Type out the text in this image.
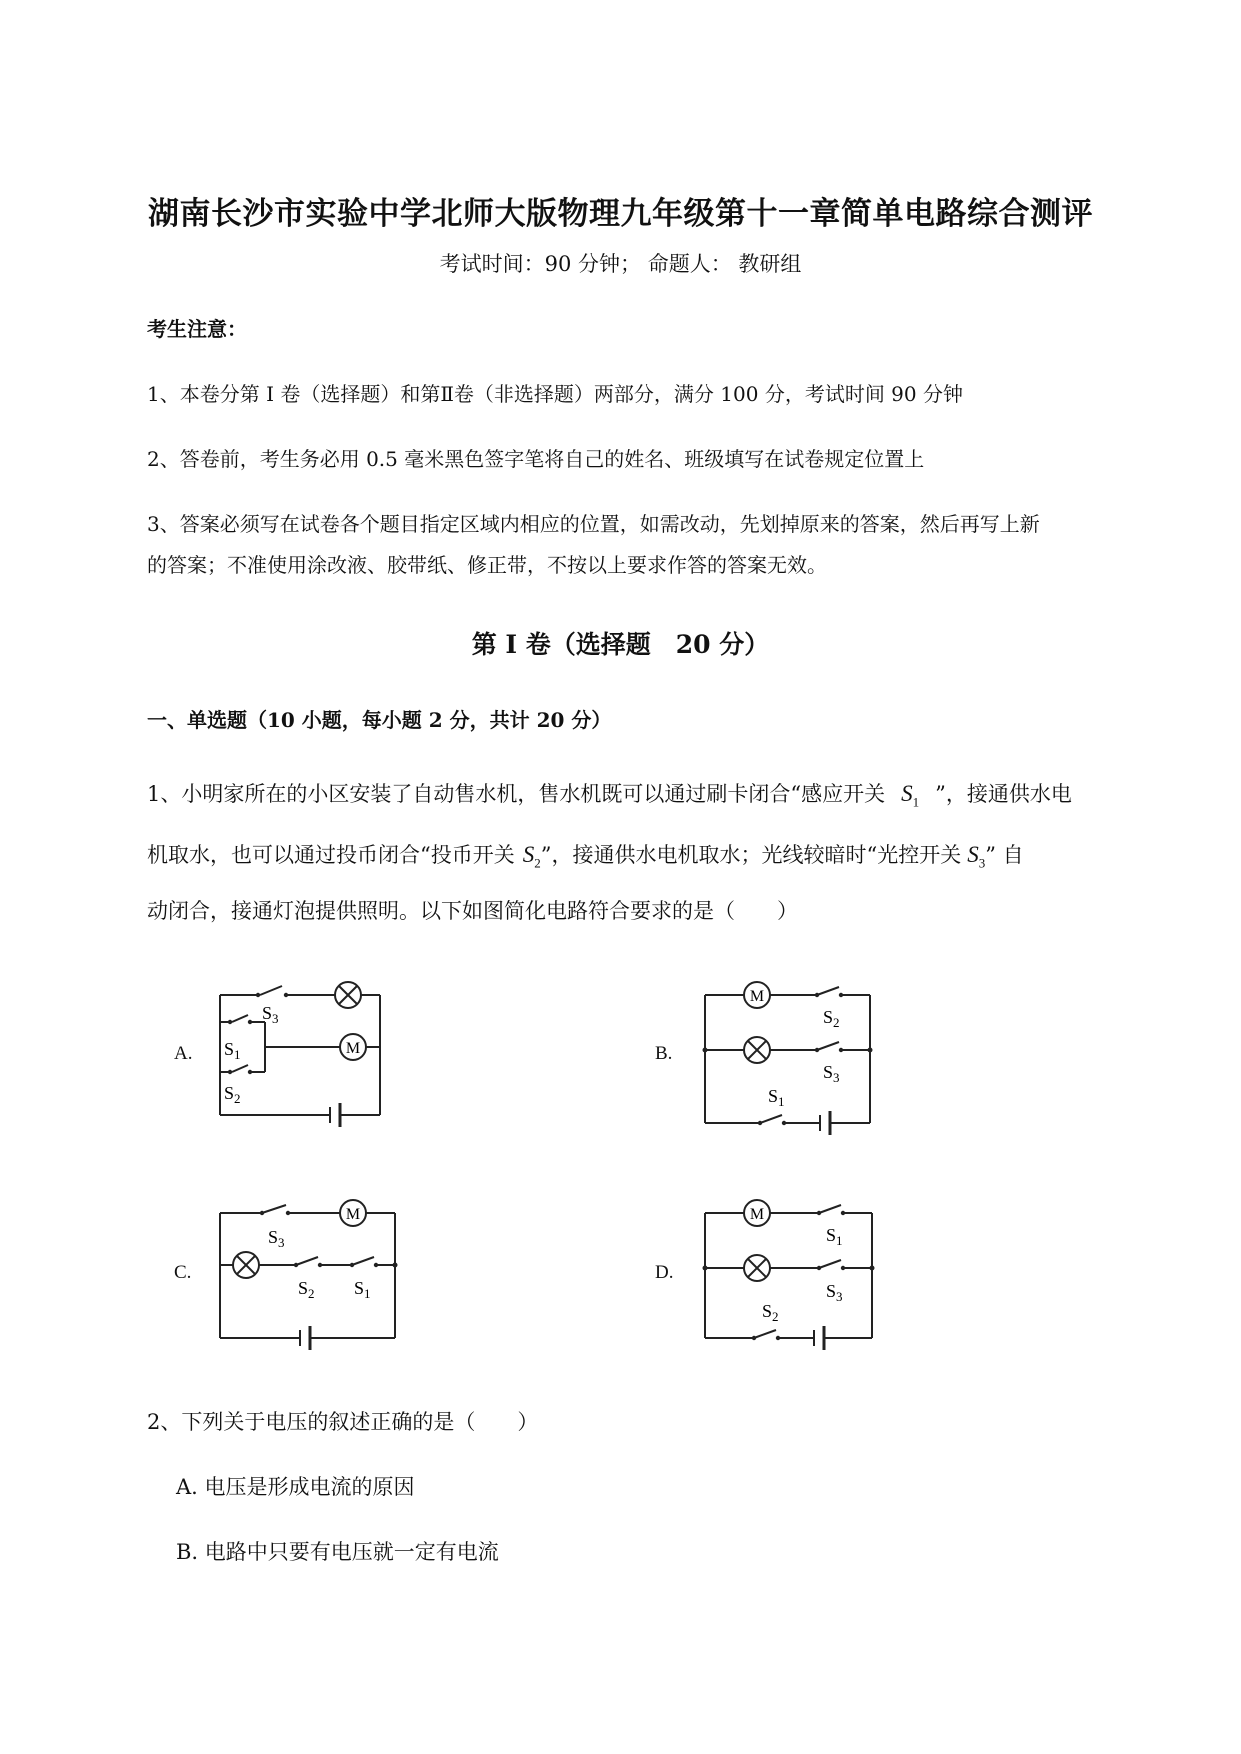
湖南长沙市实验中学北师大版物理九年级第十一章简单电路综合测评
考试时间：90 分钟； 命题人： 教研组
考生注意：
1、本卷分第 I 卷（选择题）和第Ⅱ卷（非选择题）两部分，满分 100 分，考试时间 90 分钟
2、答卷前，考生务必用 0.5 毫米黑色签字笔将自己的姓名、班级填写在试卷规定位置上
3、答案必须写在试卷各个题目指定区域内相应的位置，如需改动，先划掉原来的答案，然后再写上新
的答案；不准使用涂改液、胶带纸、修正带，不按以上要求作答的答案无效。
第 I 卷（选择题　20 分）
一、单选题（10 小题，每小题 2 分，共计 20 分）
1、小明家所在的小区安装了自动售水机，售水机既可以通过刷卡闭合“感应开关 $S_1$ ”，接通供水电
机取水，也可以通过投币闭合“投币开关 $S_2$”，接通供水电机取水；光线较暗时“光控开关 $S_3$” 自
动闭合，接通灯泡提供照明。以下如图简化电路符合要求的是（　　）
A.	B.
C.	D.
M
$S_3$
$S_1$
$S_2$
M
$S_2$
$S_3$
$S_1$
M
$S_3$
$S_2$ $S_1$
M
$S_1$
$S_3$
$S_2$
2、下列关于电压的叙述正确的是（　　）
A. 电压是形成电流的原因
B. 电路中只要有电压就一定有电流
